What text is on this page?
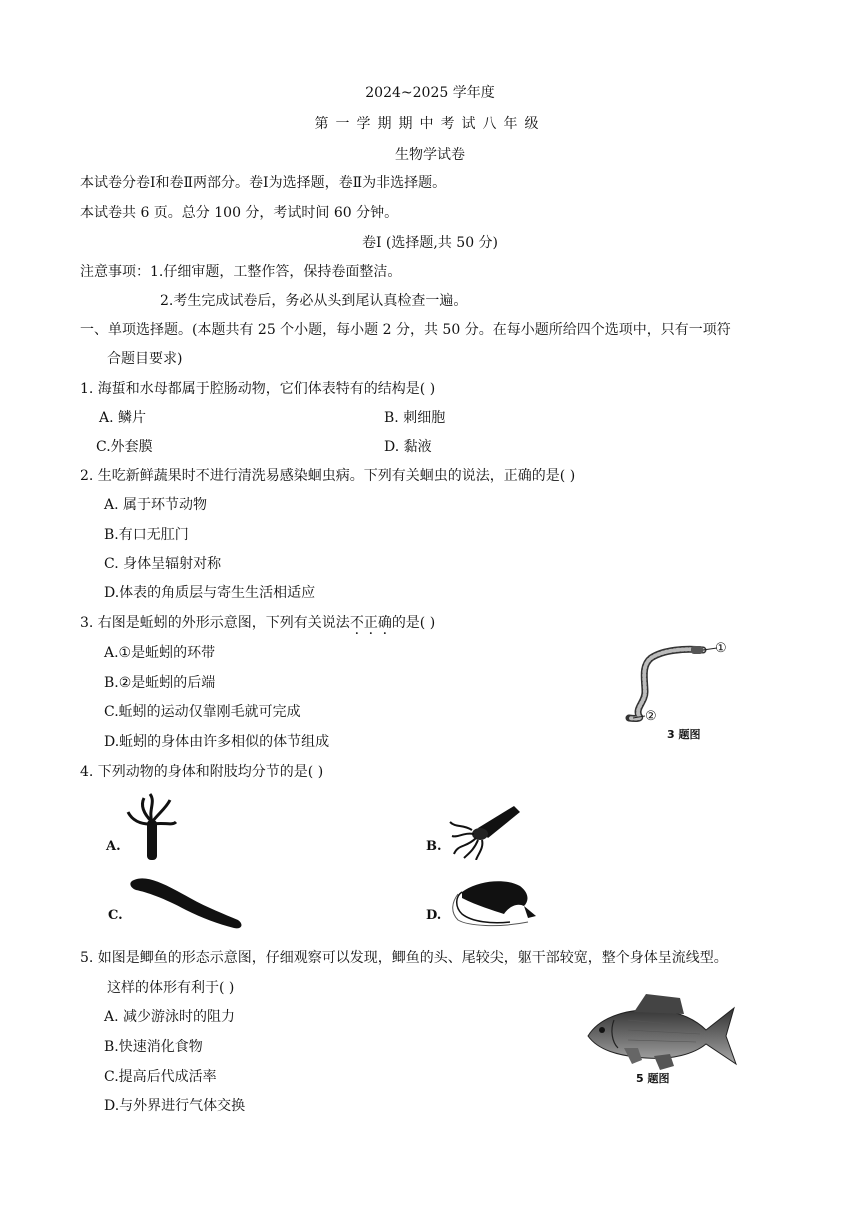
2024~2025 学年度
第一学期期中考试八年级
生物学试卷
本试卷分卷Ⅰ和卷Ⅱ两部分。卷Ⅰ为选择题，卷Ⅱ为非选择题。
本试卷共 6 页。总分 100 分，考试时间 60 分钟。
卷Ⅰ (选择题,共 50 分)
注意事项：1.仔细审题，工整作答，保持卷面整洁。
2.考生完成试卷后，务必从头到尾认真检查一遍。
一、单项选择题。(本题共有 25 个小题，每小题 2 分，共 50 分。在每小题所给四个选项中，只有一项符
合题目要求)
1. 海蜇和水母都属于腔肠动物，它们体表特有的结构是( )
A. 鳞片	B. 刺细胞
C.外套膜	D. 黏液
2. 生吃新鲜蔬果时不进行清洗易感染蛔虫病。下列有关蛔虫的说法，正确的是( )
A. 属于环节动物
B.有口无肛门
C. 身体呈辐射对称
D.体表的角质层与寄生生活相适应
3. 右图是蚯蚓的外形示意图，下列有关说法不正确的是( )
A.①是蚯蚓的环带
B.②是蚯蚓的后端
C.蚯蚓的运动仅靠刚毛就可完成
D.蚯蚓的身体由许多相似的体节组成
①
②
3 题图
4. 下列动物的身体和附肢均分节的是( )
A.	B.
C.	D.
5. 如图是鲫鱼的形态示意图，仔细观察可以发现，鲫鱼的头、尾较尖，躯干部较宽，整个身体呈流线型。
这样的体形有利于( )
A. 减少游泳时的阻力
B.快速消化食物
C.提高后代成活率
D.与外界进行气体交换
5 题图
